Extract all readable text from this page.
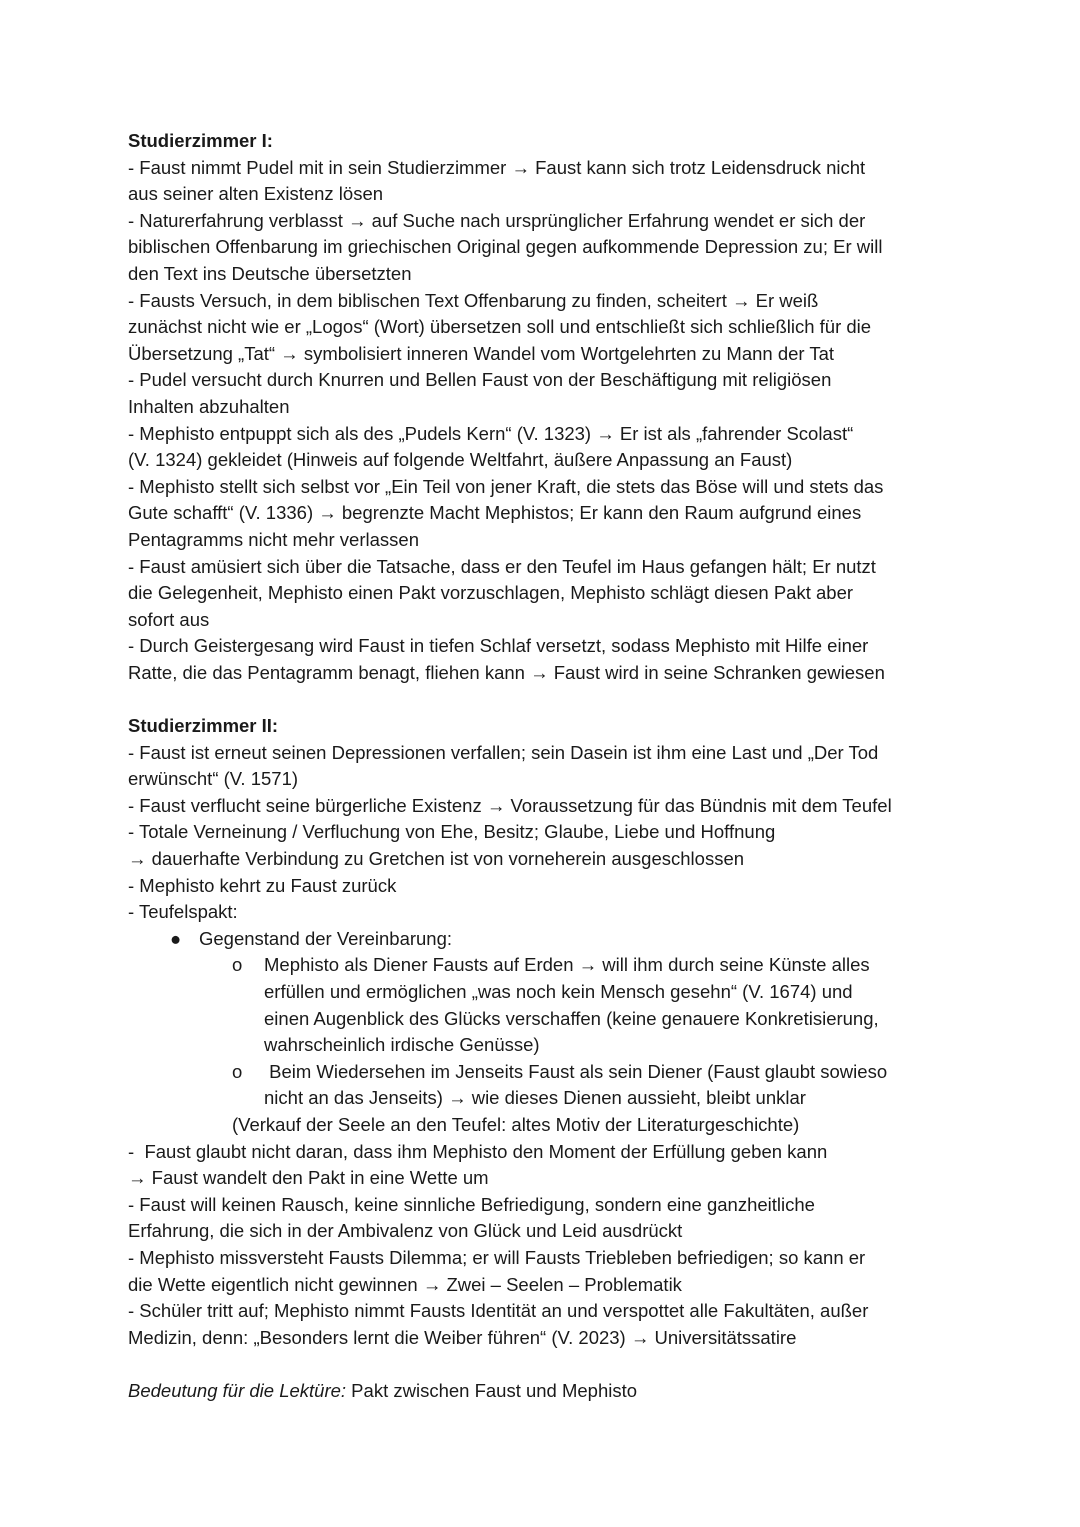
Studierzimmer I:
- Faust nimmt Pudel mit in sein Studierzimmer → Faust kann sich trotz Leidensdruck nicht
aus seiner alten Existenz lösen
- Naturerfahrung verblasst → auf Suche nach ursprünglicher Erfahrung wendet er sich der
biblischen Offenbarung im griechischen Original gegen aufkommende Depression zu; Er will
den Text ins Deutsche übersetzten
- Fausts Versuch, in dem biblischen Text Offenbarung zu finden, scheitert → Er weiß
zunächst nicht wie er „Logos“ (Wort) übersetzen soll und entschließt sich schließlich für die
Übersetzung „Tat“ → symbolisiert inneren Wandel vom Wortgelehrten zu Mann der Tat
- Pudel versucht durch Knurren und Bellen Faust von der Beschäftigung mit religiösen
Inhalten abzuhalten
- Mephisto entpuppt sich als des „Pudels Kern“ (V. 1323) → Er ist als „fahrender Scolast“
(V. 1324) gekleidet (Hinweis auf folgende Weltfahrt, äußere Anpassung an Faust)
- Mephisto stellt sich selbst vor „Ein Teil von jener Kraft, die stets das Böse will und stets das
Gute schafft“ (V. 1336) → begrenzte Macht Mephistos; Er kann den Raum aufgrund eines
Pentagramms nicht mehr verlassen
- Faust amüsiert sich über die Tatsache, dass er den Teufel im Haus gefangen hält; Er nutzt
die Gelegenheit, Mephisto einen Pakt vorzuschlagen, Mephisto schlägt diesen Pakt aber
sofort aus
- Durch Geistergesang wird Faust in tiefen Schlaf versetzt, sodass Mephisto mit Hilfe einer
Ratte, die das Pentagramm benagt, fliehen kann → Faust wird in seine Schranken gewiesen
Studierzimmer II:
- Faust ist erneut seinen Depressionen verfallen; sein Dasein ist ihm eine Last und „Der Tod
erwünscht“ (V. 1571)
- Faust verflucht seine bürgerliche Existenz → Voraussetzung für das Bündnis mit dem Teufel
- Totale Verneinung / Verfluchung von Ehe, Besitz; Glaube, Liebe und Hoffnung
→ dauerhafte Verbindung zu Gretchen ist von vorneherein ausgeschlossen
- Mephisto kehrt zu Faust zurück
- Teufelspakt:
● Gegenstand der Vereinbarung:
o	Mephisto als Diener Fausts auf Erden → will ihm durch seine Künste alles
erfüllen und ermöglichen „was noch kein Mensch gesehn“ (V. 1674) und
einen Augenblick des Glücks verschaffen (keine genauere Konkretisierung,
wahrscheinlich irdische Genüsse)
o	Beim Wiedersehen im Jenseits Faust als sein Diener (Faust glaubt sowieso
nicht an das Jenseits) → wie dieses Dienen aussieht, bleibt unklar
(Verkauf der Seele an den Teufel: altes Motiv der Literaturgeschichte)
-  Faust glaubt nicht daran, dass ihm Mephisto den Moment der Erfüllung geben kann
→ Faust wandelt den Pakt in eine Wette um
- Faust will keinen Rausch, keine sinnliche Befriedigung, sondern eine ganzheitliche
Erfahrung, die sich in der Ambivalenz von Glück und Leid ausdrückt
- Mephisto missversteht Fausts Dilemma; er will Fausts Triebleben befriedigen; so kann er
die Wette eigentlich nicht gewinnen → Zwei – Seelen – Problematik
- Schüler tritt auf; Mephisto nimmt Fausts Identität an und verspottet alle Fakultäten, außer
Medizin, denn: „Besonders lernt die Weiber führen“ (V. 2023) → Universitätssatire
Bedeutung für die Lektüre: Pakt zwischen Faust und Mephisto
